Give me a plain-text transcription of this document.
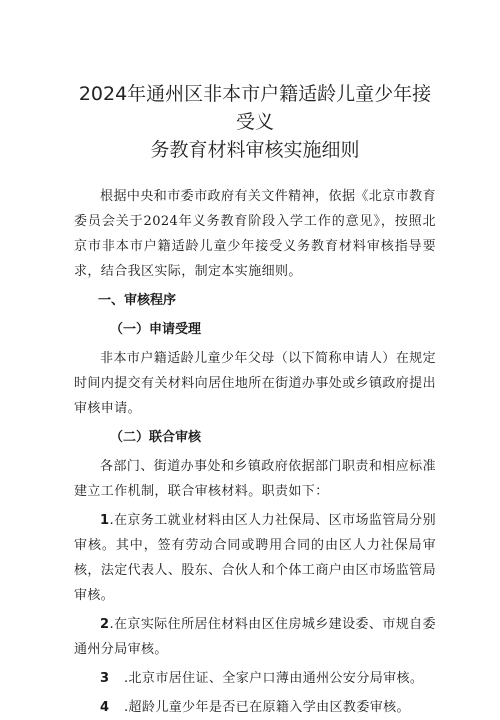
2024年通州区非本市户籍适龄儿童少年接受义
务教育材料审核实施细则

根据中央和市委市政府有关文件精神，依据《北京市教育委员会关于2024年义务教育阶段入学工作的意见》，按照北京市非本市户籍适龄儿童少年接受义务教育材料审核指导要求，结合我区实际，制定本实施细则。

一、审核程序
（一）申请受理

非本市户籍适龄儿童少年父母（以下简称申请人）在规定时间内提交有关材料向居住地所在街道办事处或乡镇政府提出审核申请。

（二）联合审核

各部门、街道办事处和乡镇政府依据部门职责和相应标准建立工作机制，联合审核材料。职责如下：

1.在京务工就业材料由区人力社保局、区市场监管局分别审核。其中，签有劳动合同或聘用合同的由区人力社保局审核，法定代表人、股东、合伙人和个体工商户由区市场监管局审核。

2.在京实际住所居住材料由区住房城乡建设委、市规自委通州分局审核。

3 .北京市居住证、全家户口薄由通州公安分局审核。

4 .超龄儿童少年是否已在原籍入学由区教委审核。
